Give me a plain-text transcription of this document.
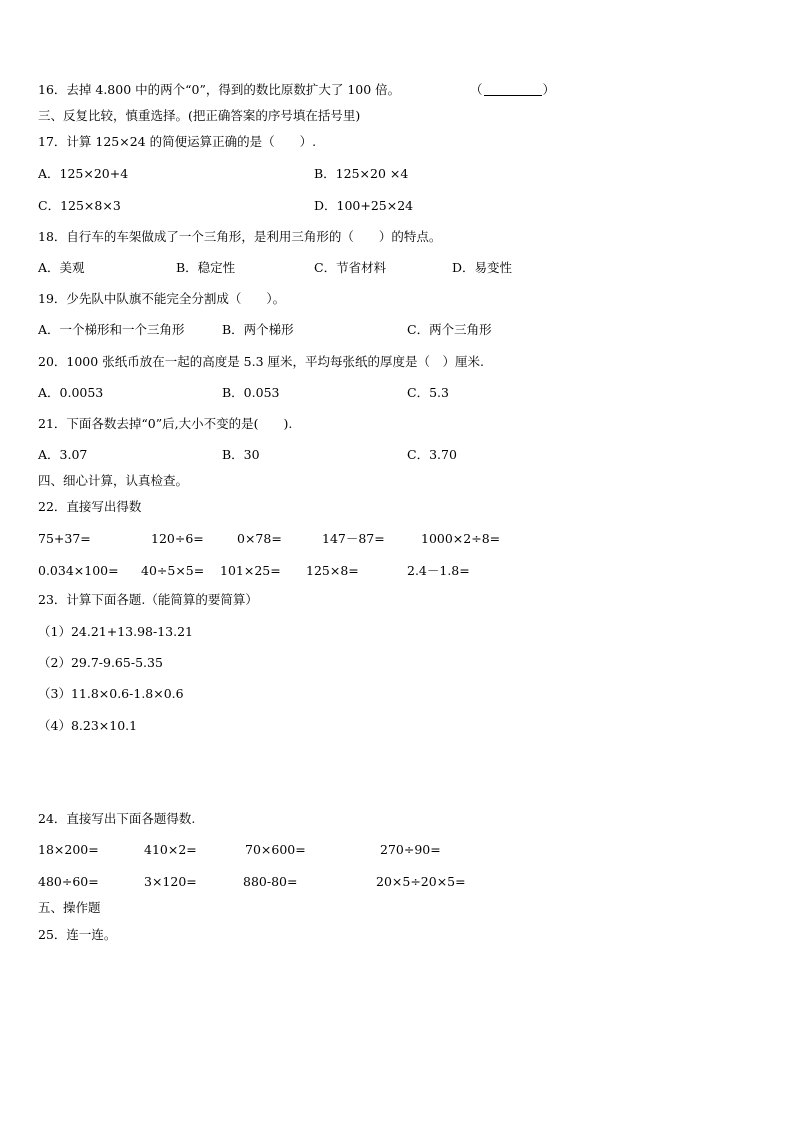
16．去掉 4.800 中的两个“0”，得到的数比原数扩大了 100 倍。	（	）
三、反复比较，慎重选择。(把正确答案的序号填在括号里)
17．计算 125×24 的简便运算正确的是（　　）.
A．125×20+4	B．125×20 ×4
C．125×8×3	D．100+25×24
18．自行车的车架做成了一个三角形，是利用三角形的（　　）的特点。
A．美观	B．稳定性	C．节省材料	D．易变性
19．少先队中队旗不能完全分割成（　　）。
A．一个梯形和一个三角形	B．两个梯形	C．两个三角形
20．1000 张纸币放在一起的高度是 5.3 厘米，平均每张纸的厚度是（　）厘米.
A．0.0053	B．0.053	C．5.3
21．下面各数去掉“0”后,大小不变的是(　　).
A．3.07	B．30	C．3.70
四、细心计算，认真检查。
22．直接写出得数
75+37=	120÷6=	0×78=	147－87=	1000×2÷8=
0.034×100= 40÷5×5= 101×25= 125×8=	2.4－1.8=
23．计算下面各题.（能简算的要简算）
（1）24.21+13.98-13.21
（2）29.7-9.65-5.35
（3）11.8×0.6-1.8×0.6
（4）8.23×10.1
24．直接写出下面各题得数.
18×200=	410×2=	70×600=	270÷90=
480÷60=	3×120=	880-80=	20×5÷20×5=
五、操作题
25．连一连。
